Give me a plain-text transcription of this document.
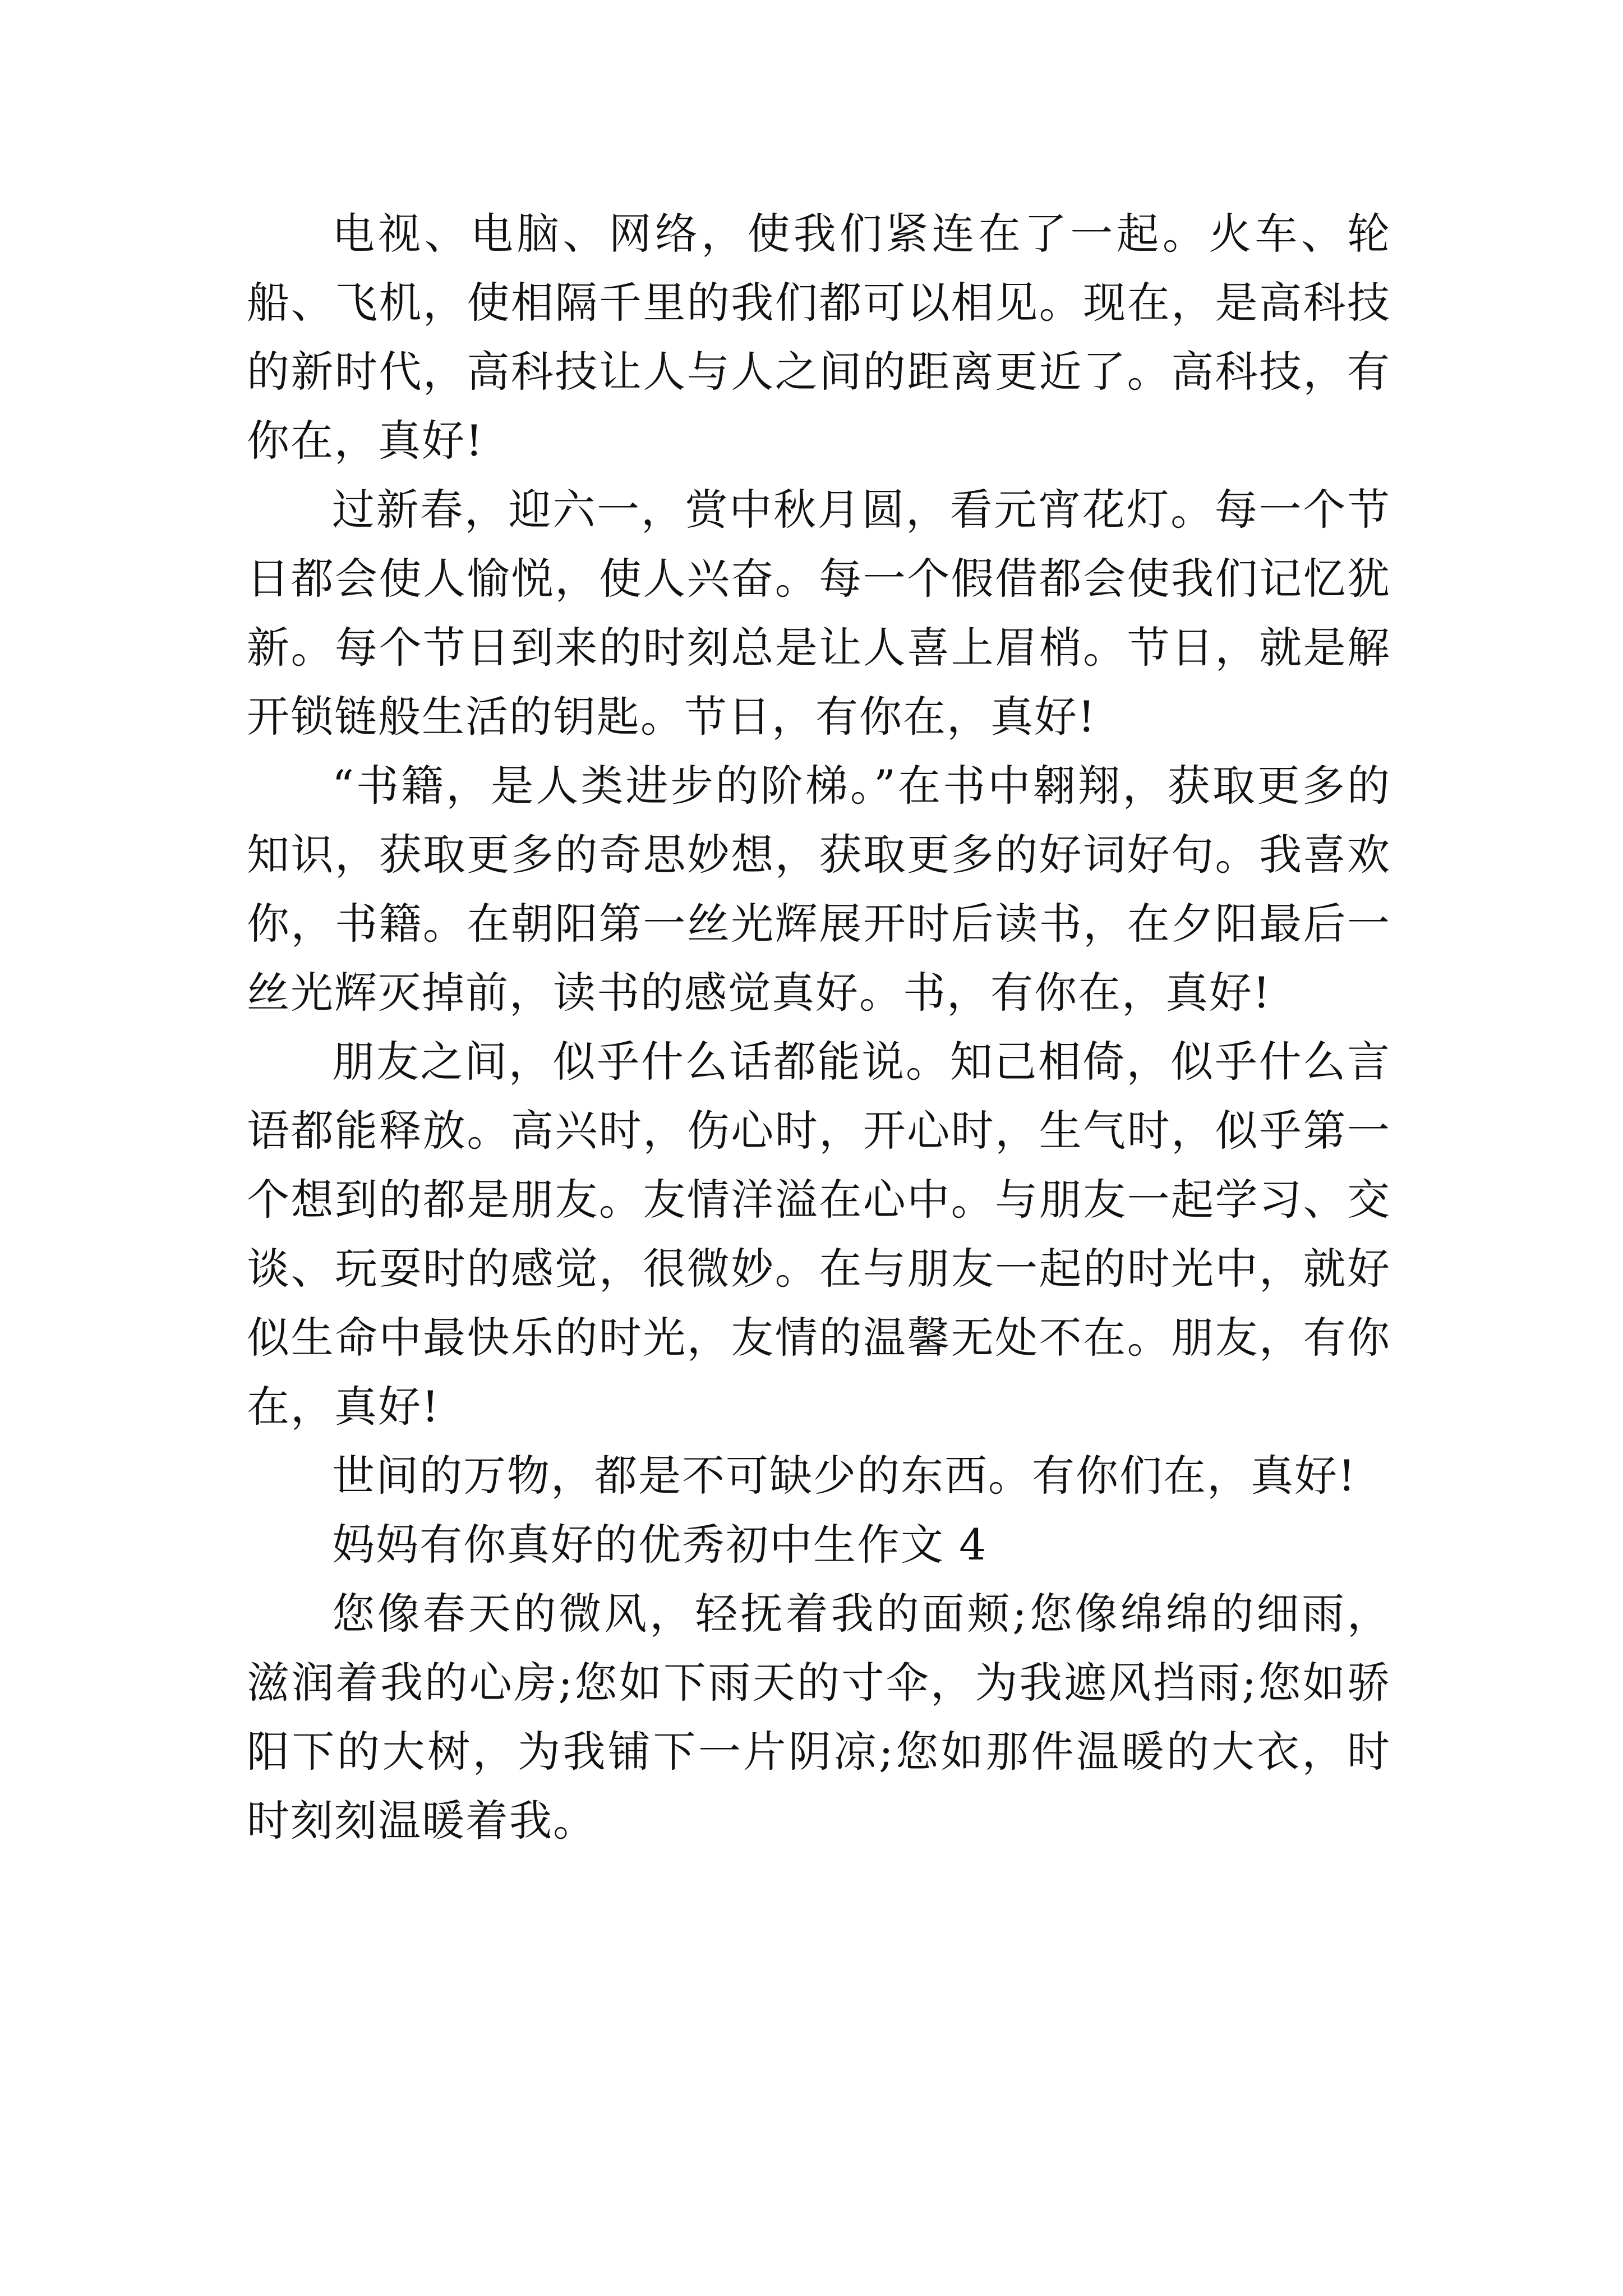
电视、电脑、网络，使我们紧连在了一起。火车、轮船、飞机，使相隔千里的我们都可以相见。现在，是高科技的新时代，高科技让人与人之间的距离更近了。高科技，有你在，真好!

过新春，迎六一，赏中秋月圆，看元宵花灯。每一个节日都会使人愉悦，使人兴奋。每一个假借都会使我们记忆犹新。每个节日到来的时刻总是让人喜上眉梢。节日，就是解开锁链般生活的钥匙。节日，有你在，真好!

“书籍，是人类进步的阶梯。”在书中翱翔，获取更多的知识，获取更多的奇思妙想，获取更多的好词好句。我喜欢你，书籍。在朝阳第一丝光辉展开时后读书，在夕阳最后一丝光辉灭掉前，读书的感觉真好。书，有你在，真好!

朋友之间，似乎什么话都能说。知己相倚，似乎什么言语都能释放。高兴时，伤心时，开心时，生气时，似乎第一个想到的都是朋友。友情洋溢在心中。与朋友一起学习、交谈、玩耍时的感觉，很微妙。在与朋友一起的时光中，就好似生命中最快乐的时光，友情的温馨无处不在。朋友，有你在，真好!

世间的万物，都是不可缺少的东西。有你们在，真好!

妈妈有你真好的优秀初中生作文 4

您像春天的微风，轻抚着我的面颊;您像绵绵的细雨，滋润着我的心房;您如下雨天的寸伞，为我遮风挡雨;您如骄阳下的大树，为我铺下一片阴凉;您如那件温暖的大衣，时时刻刻温暖着我。
